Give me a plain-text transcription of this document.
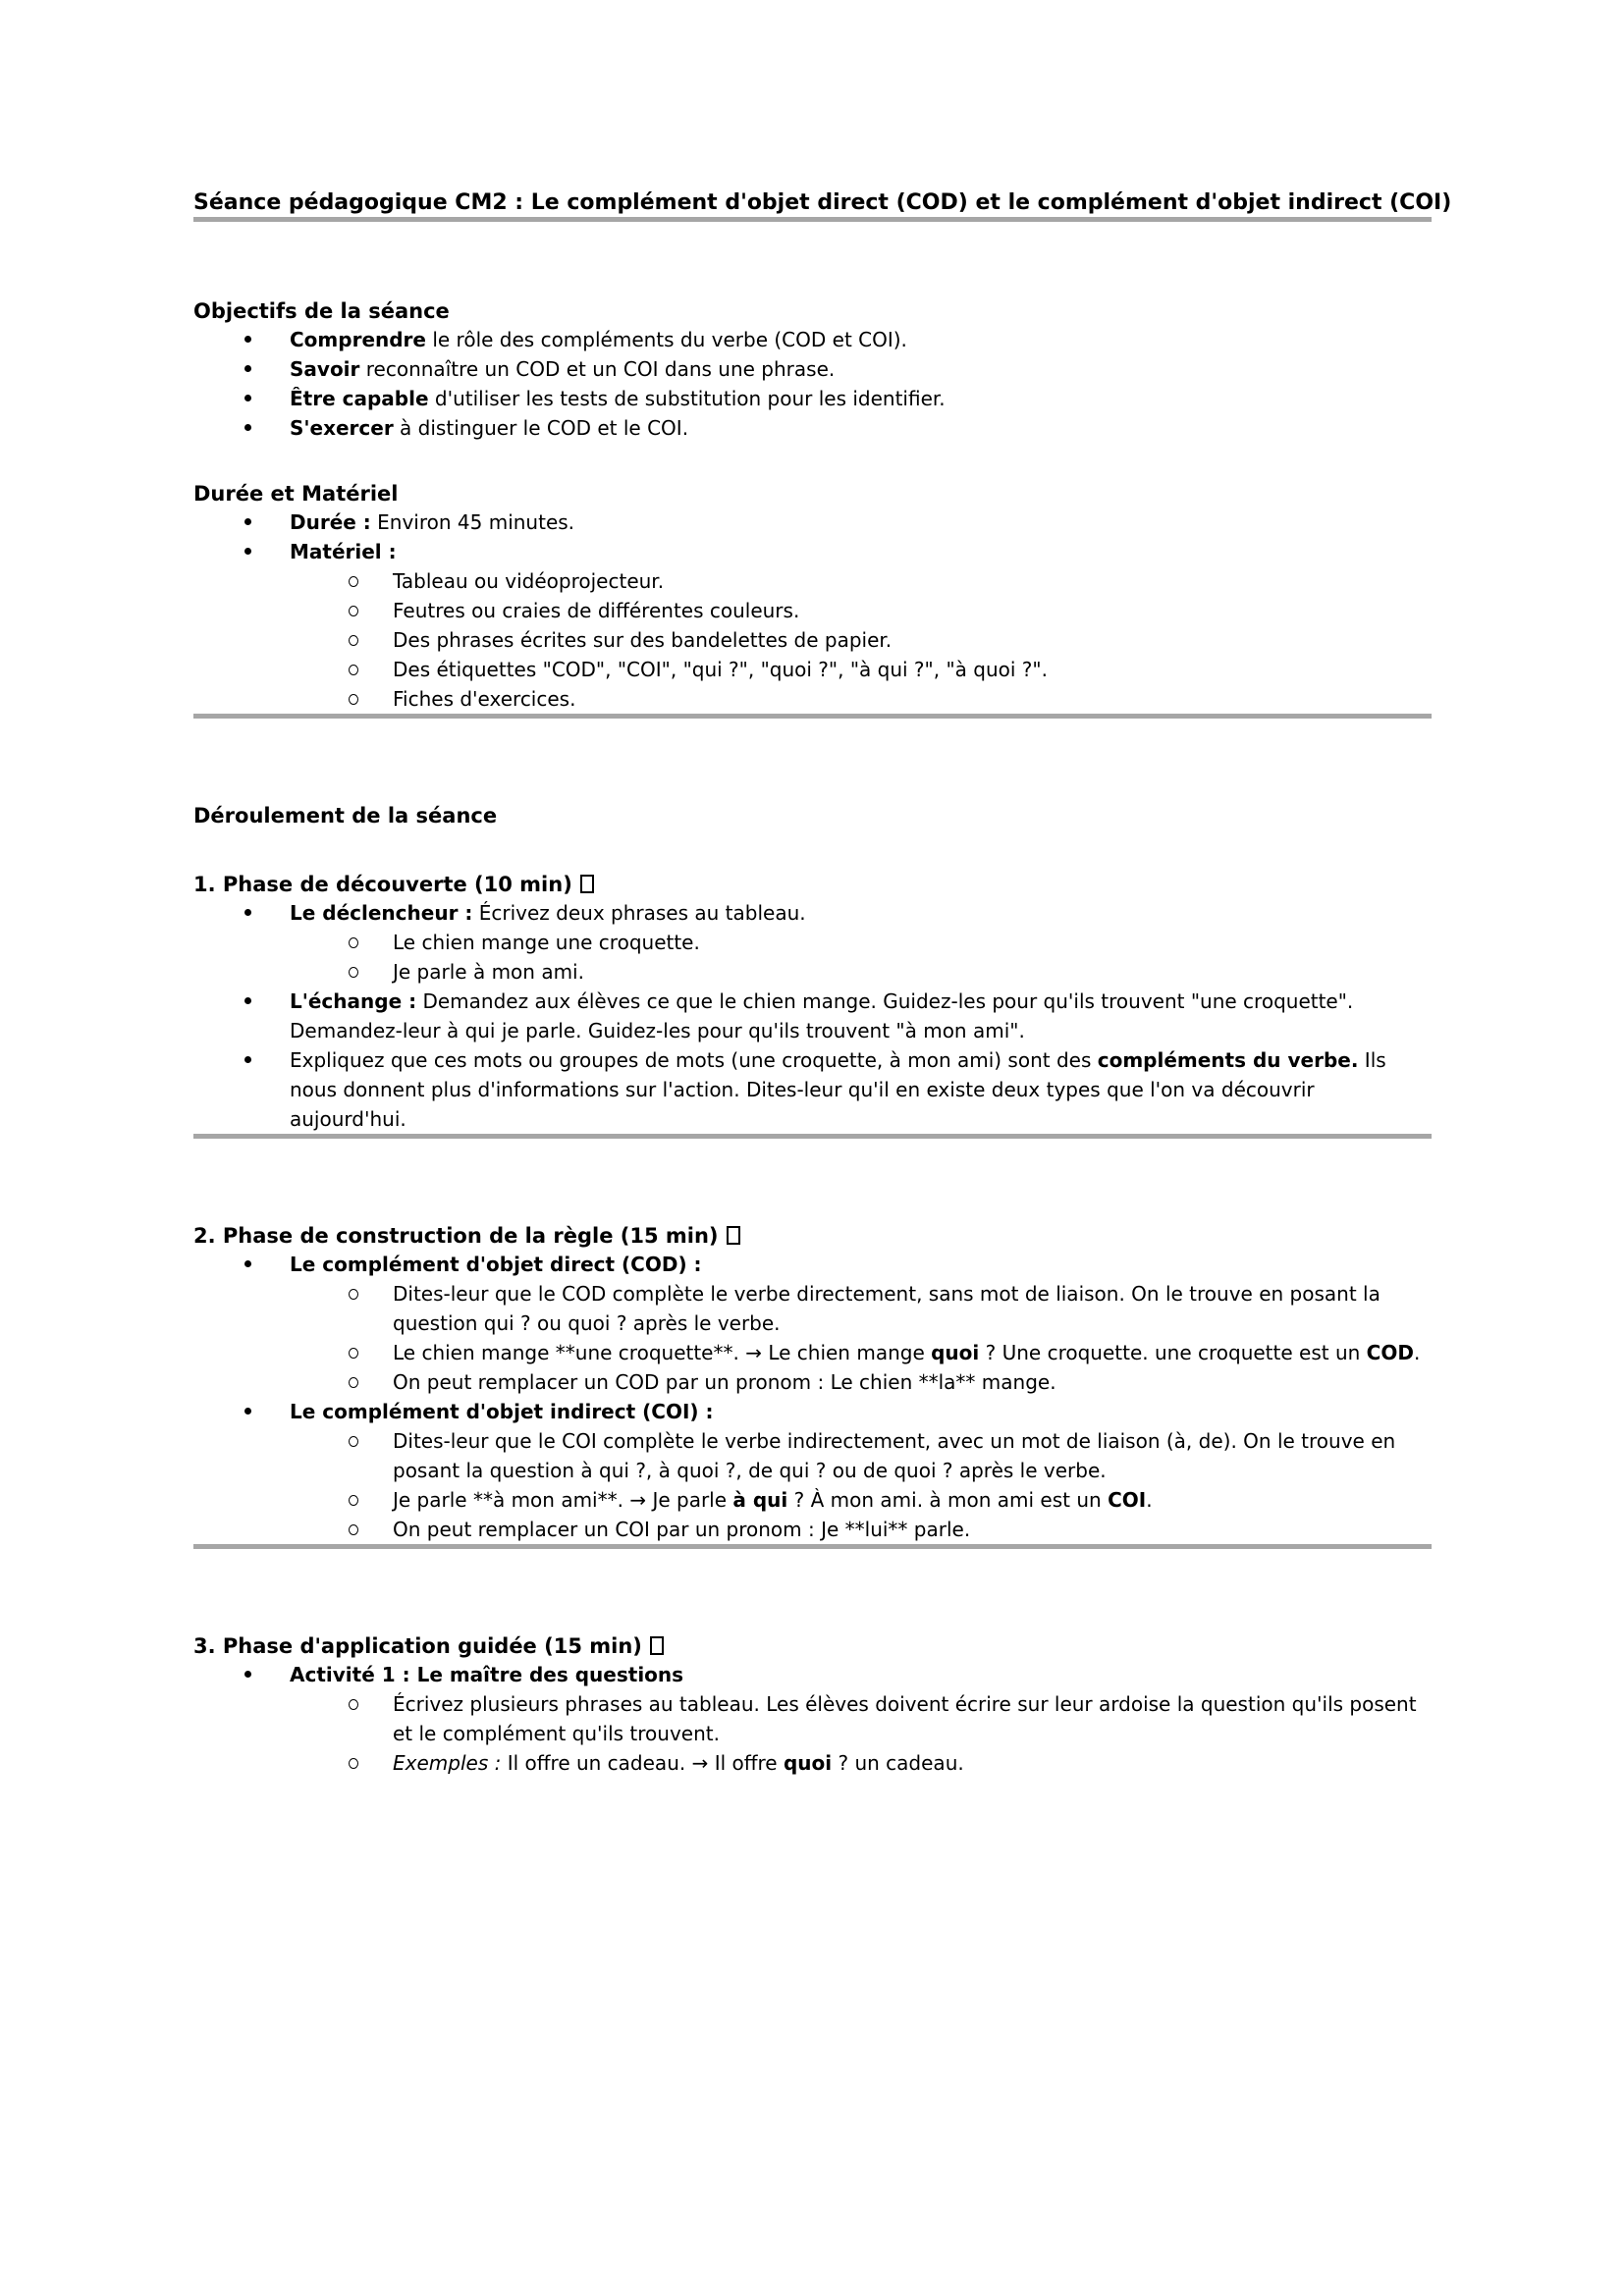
Séance pédagogique CM2 : Le complément d'objet direct (COD) et le complément d'objet indirect (COI)
Objectifs de la séance
Comprendre le rôle des compléments du verbe (COD et COI).
Savoir reconnaître un COD et un COI dans une phrase.
Être capable d'utiliser les tests de substitution pour les identifier.
S'exercer à distinguer le COD et le COI.
Durée et Matériel
Durée : Environ 45 minutes.
Matériel :
Tableau ou vidéoprojecteur.
Feutres ou craies de différentes couleurs.
Des phrases écrites sur des bandelettes de papier.
Des étiquettes "COD", "COI", "qui ?", "quoi ?", "à qui ?", "à quoi ?".
Fiches d'exercices.
Déroulement de la séance
1. Phase de découverte (10 min)
Le déclencheur : Écrivez deux phrases au tableau.
Le chien mange une croquette.
Je parle à mon ami.
L'échange : Demandez aux élèves ce que le chien mange. Guidez-les pour qu'ils trouvent "une croquette". Demandez-leur à qui je parle. Guidez-les pour qu'ils trouvent "à mon ami".
Expliquez que ces mots ou groupes de mots (une croquette, à mon ami) sont des compléments du verbe. Ils nous donnent plus d'informations sur l'action. Dites-leur qu'il en existe deux types que l'on va découvrir aujourd'hui.
2. Phase de construction de la règle (15 min)
Le complément d'objet direct (COD) :
Dites-leur que le COD complète le verbe directement, sans mot de liaison. On le trouve en posant la question qui ? ou quoi ? après le verbe.
Le chien mange **une croquette**. → Le chien mange quoi ? Une croquette. une croquette est un COD.
On peut remplacer un COD par un pronom : Le chien **la** mange.
Le complément d'objet indirect (COI) :
Dites-leur que le COI complète le verbe indirectement, avec un mot de liaison (à, de). On le trouve en posant la question à qui ?, à quoi ?, de qui ? ou de quoi ? après le verbe.
Je parle **à mon ami**. → Je parle à qui ? À mon ami. à mon ami est un COI.
On peut remplacer un COI par un pronom : Je **lui** parle.
3. Phase d'application guidée (15 min)
Activité 1 : Le maître des questions
Écrivez plusieurs phrases au tableau. Les élèves doivent écrire sur leur ardoise la question qu'ils posent et le complément qu'ils trouvent.
Exemples : Il offre un cadeau. → Il offre quoi ? un cadeau.
